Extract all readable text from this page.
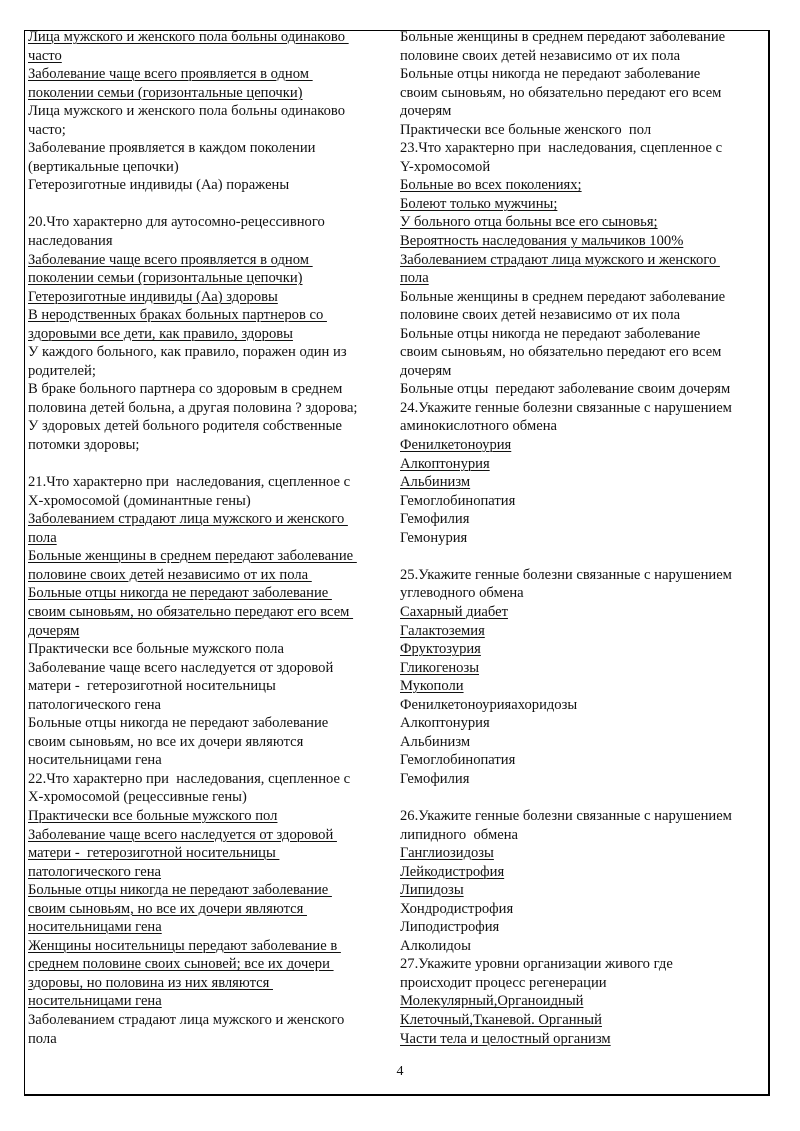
Лица мужского и женского пола больны одинаково
часто
Заболевание чаще всего проявляется в одном
поколении семьи (горизонтальные цепочки)
Лица мужского и женского пола больны одинаково
часто;
Заболевание проявляется в каждом поколении
(вертикальные цепочки)
Гетерозиготные индивиды (Аа) поражены
20.Что характерно для аутосомно-рецессивного
наследования
Заболевание чаще всего проявляется в одном
поколении семьи (горизонтальные цепочки)
Гетерозиготные индивиды (Аа) здоровы
В неродственных браках больных партнеров со
здоровыми все дети, как правило, здоровы
У каждого больного, как правило, поражен один из
родителей;
В браке больного партнера со здоровым в среднем
половина детей больна, а другая половина ? здорова;
У здоровых детей больного родителя собственные
потомки здоровы;
21.Что характерно при  наследования, сцепленное с
Х-хромосомой (доминантные гены)
Заболеванием страдают лица мужского и женского
пола
Больные женщины в среднем передают заболевание
половине своих детей независимо от их пола
Больные отцы никогда не передают заболевание
своим сыновьям, но обязательно передают его всем
дочерям
Практически все больные мужского пола
Заболевание чаще всего наследуется от здоровой
матери -  гетерозиготной носительницы
патологического гена
Больные отцы никогда не передают заболевание
своим сыновьям, но все их дочери являются
носительницами гена
22.Что характерно при  наследования, сцепленное с
Х-хромосомой (рецессивные гены)
Практически все больные мужского пол
Заболевание чаще всего наследуется от здоровой
матери -  гетерозиготной носительницы
патологического гена
Больные отцы никогда не передают заболевание
своим сыновьям, но все их дочери являются
носительницами гена
Женщины носительницы передают заболевание в
среднем половине своих сыновей; все их дочери
здоровы, но половина из них являются
носительницами гена
Заболеванием страдают лица мужского и женского
пола
Больные женщины в среднем передают заболевание
половине своих детей независимо от их пола
Больные отцы никогда не передают заболевание
своим сыновьям, но обязательно передают его всем
дочерям
Практически все больные женского  пол
23.Что характерно при  наследования, сцепленное с
Y-хромосомой
Больные во всех поколениях;
Болеют только мужчины;
У больного отца больны все его сыновья;
Вероятность наследования у мальчиков 100%
Заболеванием страдают лица мужского и женского
пола
Больные женщины в среднем передают заболевание
половине своих детей независимо от их пола
Больные отцы никогда не передают заболевание
своим сыновьям, но обязательно передают его всем
дочерям
Больные отцы  передают заболевание своим дочерям
24.Укажите генные болезни связанные с нарушением
аминокислотного обмена
Фенилкетоноурия
Алкоптонурия
Альбинизм
Гемоглобинопатия
Гемофилия
Гемонурия
25.Укажите генные болезни связанные с нарушением
углеводного обмена
Сахарный диабет
Галактоземия
Фруктозурия
Гликогенозы
Мукополи
Фенилкетоноурияахоридозы
Алкоптонурия
Альбинизм
Гемоглобинопатия
Гемофилия
26.Укажите генные болезни связанные с нарушением
липидного  обмена
Ганглиозидозы
Лейкодистрофия
Липидозы
Хондродистрофия
Липодистрофия
Алколидоы
27.Укажите уровни организации живого где
происходит процесс регенерации
Молекулярный,Органоидный
Клеточный,Тканевой. Органный
Части тела и целостный организм
4
